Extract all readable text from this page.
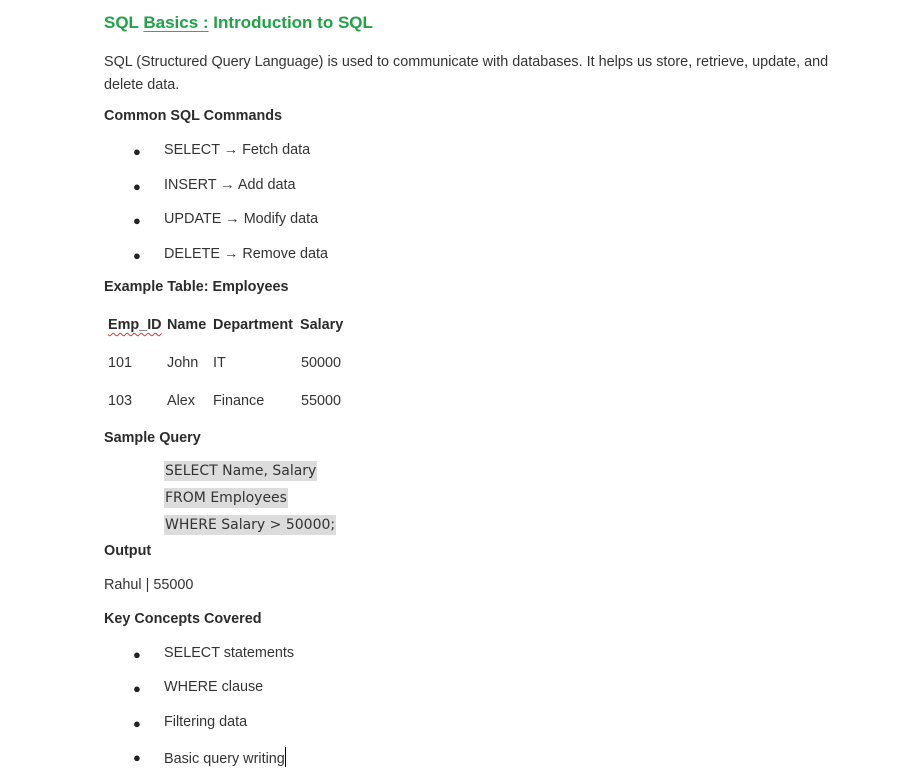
SQL Basics : Introduction to SQL
SQL (Structured Query Language) is used to communicate with databases. It helps us store, retrieve, update, and delete data.
Common SQL Commands
● SELECT → Fetch data
● INSERT → Add data
● UPDATE → Modify data
● DELETE → Remove data
Example Table: Employees
Emp_ID Name Department Salary
101 John IT	50000
103 Alex Finance	55000
Sample Query
SELECT Name, Salary
FROM Employees
WHERE Salary > 50000;
Output
Rahul | 55000
Key Concepts Covered
● SELECT statements
● WHERE clause
● Filtering data
● Basic query writing
